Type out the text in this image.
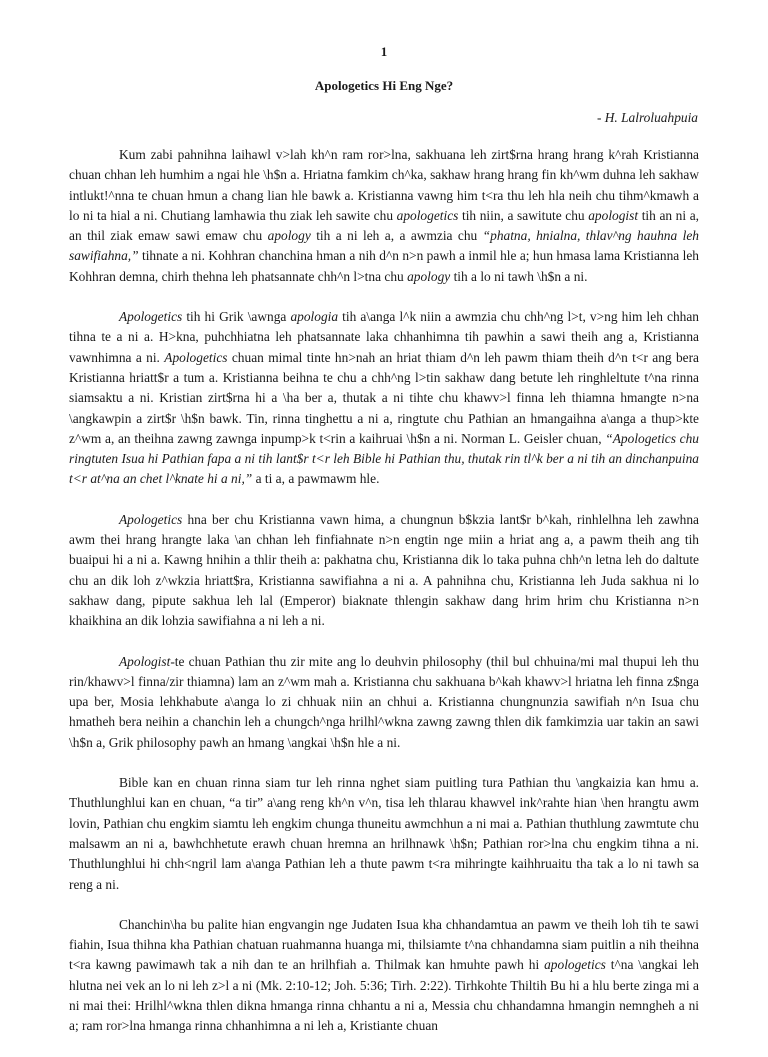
1
Apologetics Hi Eng Nge?
- H. Lalroluahpuia

Kum zabi pahnihna laihawl v>lah kh^n ram ror>lna, sakhuana leh zirt$rna hrang hrang k^rah Kristianna chuan chhan leh humhim a ngai hle \h$n a. Hriatna famkim ch^ka, sakhaw hrang hrang fin kh^wm duhna leh sakhaw intlukt!^nna te chuan hmun a chang lian hle bawk a. Kristianna vawng him t<ra thu leh hla neih chu tihm^kmawh a lo ni ta hial a ni. Chutiang lamhawia thu ziak leh sawite chu apologetics tih niin, a sawitute chu apologist tih an ni a, an thil ziak emaw sawi emaw chu apology tih a ni leh a, a awmzia chu “phatna, hnialna, thlav^ng hauhna leh sawifiahna,” tihnate a ni. Kohhran chanchina hman a nih d^n n>n pawh a inmil hle a; hun hmasa lama Kristianna leh Kohhran demna, chirh thehna leh phatsannate chh^n l>tna chu apology tih a lo ni tawh \h$n a ni.

Apologetics tih hi Grik \awnga apologia tih a\anga l^k niin a awmzia chu chh^ng l>t, v>ng him leh chhan tihna te a ni a. H>kna, puhchhiatna leh phatsannate laka chhanhimna tih pawhin a sawi theih ang a, Kristianna vawnhimna a ni. Apologetics chuan mimal tinte hn>nah an hriat thiam d^n leh pawm thiam theih d^n t<r ang bera Kristianna hriatt$r a tum a. Kristianna beihna te chu a chh^ng l>tin sakhaw dang betute leh ringhleltute t^na rinna siamsaktu a ni. Kristian zirt$rna hi a \ha ber a, thutak a ni tihte chu khawv>l finna leh thiamna hmangte n>na \angkawpin a zirt$r \h$n bawk. Tin, rinna tinghettu a ni a, ringtute chu Pathian an hmangaihna a\anga a thup>kte z^wm a, an theihna zawng zawnga inpump>k t<rin a kaihruai \h$n a ni. Norman L. Geisler chuan, “Apologetics chu ringtuten Isua hi Pathian fapa a ni tih lant$r t<r leh Bible hi Pathian thu, thutak rin tl^k ber a ni tih an dinchanpuina t<r at^na an chet l^knate hi a ni,” a ti a, a pawmawm hle.

Apologetics hna ber chu Kristianna vawn hima, a chungnun b$kzia lant$r b^kah, rinhlelhna leh zawhna awm thei hrang hrangte laka \an chhan leh finfiahnate n>n engtin nge miin a hriat ang a, a pawm theih ang tih buaipui hi a ni a. Kawng hnihin a thlir theih a: pakhatna chu, Kristianna dik lo taka puhna chh^n letna leh do daltute chu an dik loh z^wkzia hriatt$ra, Kristianna sawifiahna a ni a. A pahnihna chu, Kristianna leh Juda sakhua ni lo sakhaw dang, pipute sakhua leh lal (Emperor) biaknate thlengin sakhaw dang hrim hrim chu Kristianna n>n khaikhina an dik lohzia sawifiahna a ni leh a ni.

Apologist-te chuan Pathian thu zir mite ang lo deuhvin philosophy (thil bul chhuina/mi mal thupui leh thu rin/khawv>l finna/zir thiamna) lam an z^wm mah a. Kristianna chu sakhuana b^kah khawv>l hriatna leh finna z$nga upa ber, Mosia lehkhabute a\anga lo zi chhuak niin an chhui a. Kristianna chungnunzia sawifiah n^n Isua chu hmatheh bera neihin a chanchin leh a chungch^nga hrilhl^wkna zawng zawng thlen dik famkimzia uar takin an sawi \h$n a, Grik philosophy pawh an hmang \angkai \h$n hle a ni.

Bible kan en chuan rinna siam tur leh rinna nghet siam puitling tura Pathian thu \angkaizia kan hmu a. Thuthlunghlui kan en chuan, “a tir” a\ang reng kh^n v^n, tisa leh thlarau khawvel ink^rahte hian \hen hrangtu awm lovin, Pathian chu engkim siamtu leh engkim chunga thuneitu awmchhun a ni mai a. Pathian thuthlung zawmtute chu malsawm an ni a, bawhchhetute erawh chuan hremna an hrilhnawk \h$n; Pathian ror>lna chu engkim tihna a ni. Thuthlunghlui hi chh<ngril lam a\anga Pathian leh a thute pawm t<ra mihringte kaihhruaitu tha tak a lo ni tawh sa reng a ni.

Chanchin\ha bu palite hian engvangin nge Judaten Isua kha chhandamtua an pawm ve theih loh tih te sawi fiahin, Isua thihna kha Pathian chatuan ruahmanna huanga mi, thilsiamte t^na chhandamna siam puitlin a nih theihna t<ra kawng pawimawh tak a nih dan te an hrilhfiah a. Thilmak kan hmuhte pawh hi apologetics t^na \angkai leh hlutna nei vek an lo ni leh z>l a ni (Mk. 2:10-12; Joh. 5:36; Tirh. 2:22). Tirhkohte Thiltih Bu hi a hlu berte zinga mi a ni mai thei: Hrilhl^wkna thlen dikna hmanga rinna chhantu a ni a, Messia chu chhandamna hmangin nemngheh a ni a; ram ror>lna hmanga rinna chhanhimna a ni leh a, Kristiante chuan
